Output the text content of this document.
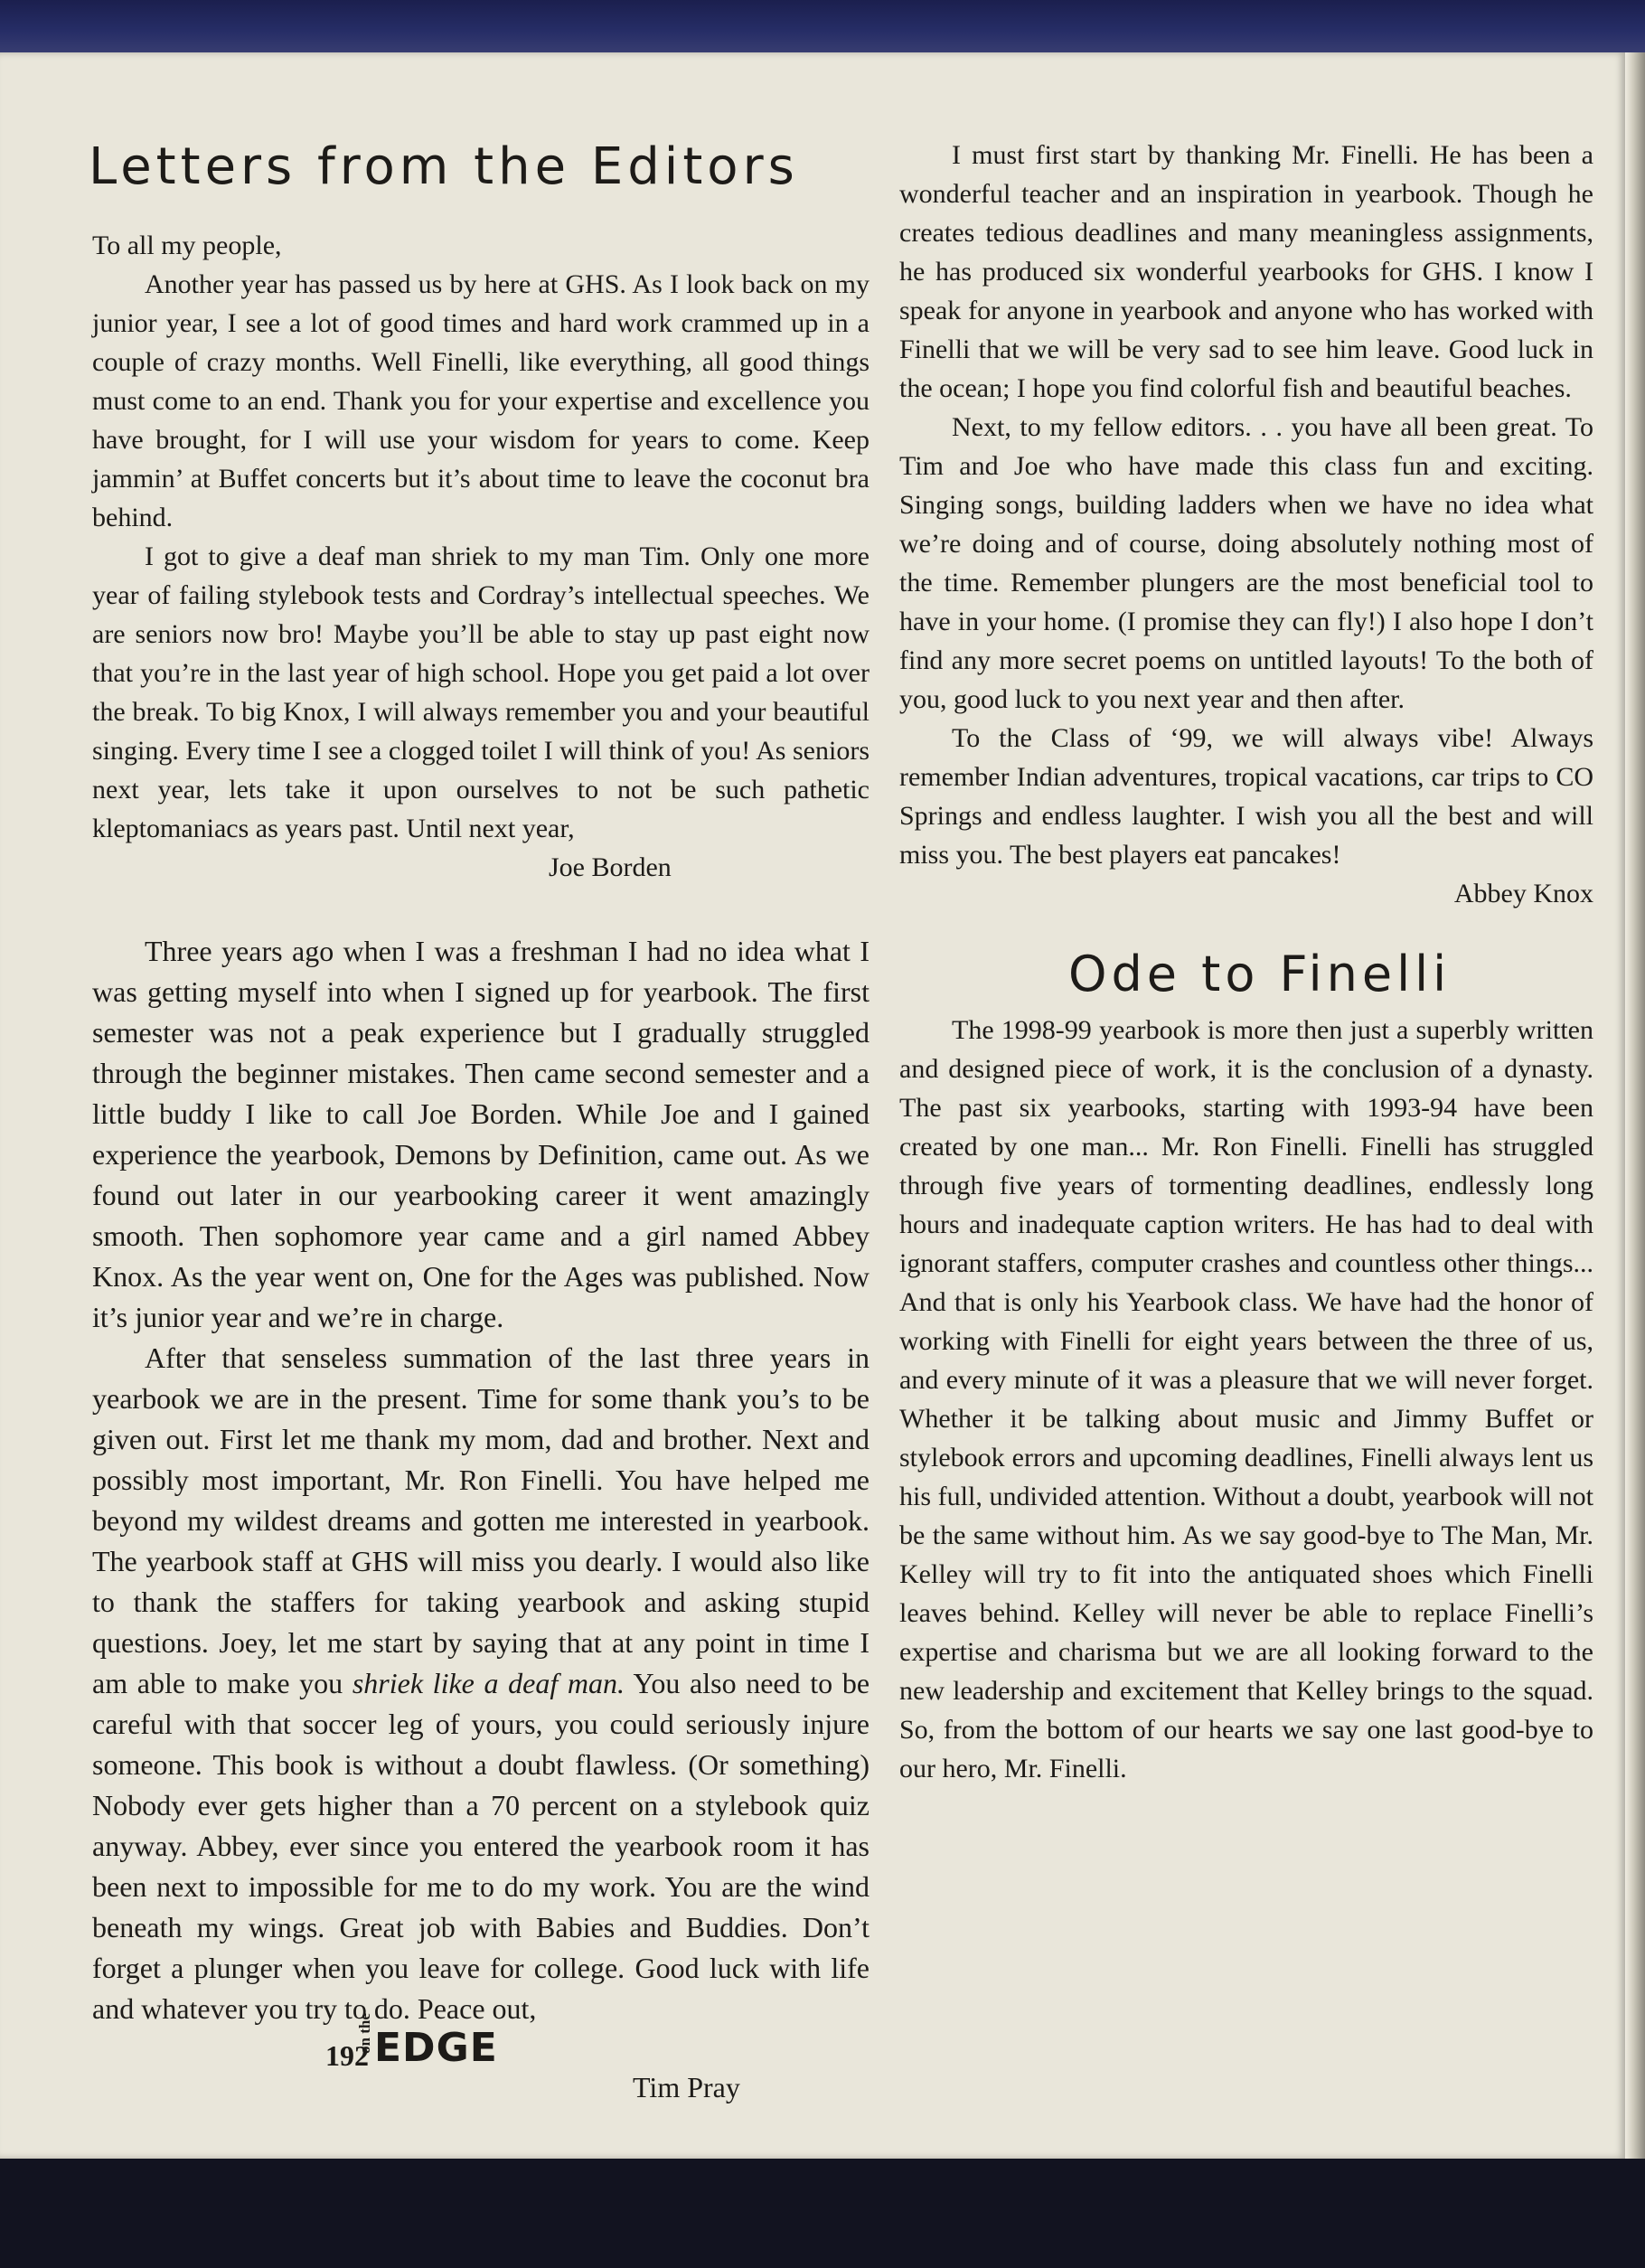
Letters from the Editors

To all my people,

Another year has passed us by here at GHS. As I look back on my junior year, I see a lot of good times and hard work crammed up in a couple of crazy months. Well Finelli, like everything, all good things must come to an end. Thank you for your expertise and excellence you have brought, for I will use your wisdom for years to come. Keep jammin’ at Buffet concerts but it’s about time to leave the coconut bra behind.

I got to give a deaf man shriek to my man Tim. Only one more year of failing stylebook tests and Cordray’s intellectual speeches. We are seniors now bro! Maybe you’ll be able to stay up past eight now that you’re in the last year of high school. Hope you get paid a lot over the break. To big Knox, I will always remember you and your beautiful singing. Every time I see a clogged toilet I will think of you! As seniors next year, lets take it upon ourselves to not be such pathetic kleptomaniacs as years past. Until next year,

Joe Borden

Three years ago when I was a freshman I had no idea what I was getting myself into when I signed up for yearbook. The first semester was not a peak experience but I gradually struggled through the beginner mistakes. Then came second semester and a little buddy I like to call Joe Borden. While Joe and I gained experience the yearbook, Demons by Definition, came out. As we found out later in our yearbooking career it went amazingly smooth. Then sophomore year came and a girl named Abbey Knox. As the year went on, One for the Ages was published. Now it’s junior year and we’re in charge.

After that senseless summation of the last three years in yearbook we are in the present. Time for some thank you’s to be given out. First let me thank my mom, dad and brother. Next and possibly most important, Mr. Ron Finelli. You have helped me beyond my wildest dreams and gotten me interested in yearbook. The yearbook staff at GHS will miss you dearly. I would also like to thank the staffers for taking yearbook and asking stupid questions. Joey, let me start by saying that at any point in time I am able to make you shriek like a deaf man. You also need to be careful with that soccer leg of yours, you could seriously injure someone. This book is without a doubt flawless. (Or something) Nobody ever gets higher than a 70 percent on a stylebook quiz anyway. Abbey, ever since you entered the yearbook room it has been next to impossible for me to do my work. You are the wind beneath my wings. Great job with Babies and Buddies. Don’t forget a plunger when you leave for college. Good luck with life and whatever you try to do. Peace out,

Tim Pray

I must first start by thanking Mr. Finelli. He has been a wonderful teacher and an inspiration in yearbook. Though he creates tedious deadlines and many meaningless assignments, he has produced six wonderful yearbooks for GHS. I know I speak for anyone in yearbook and anyone who has worked with Finelli that we will be very sad to see him leave. Good luck in the ocean; I hope you find colorful fish and beautiful beaches.

Next, to my fellow editors. . . you have all been great. To Tim and Joe who have made this class fun and exciting. Singing songs, building ladders when we have no idea what we’re doing and of course, doing absolutely nothing most of the time. Remember plungers are the most beneficial tool to have in your home. (I promise they can fly!) I also hope I don’t find any more secret poems on untitled layouts! To the both of you, good luck to you next year and then after.

To the Class of ‘99, we will always vibe! Always remember Indian adventures, tropical vacations, car trips to CO Springs and endless laughter. I wish you all the best and will miss you. The best players eat pancakes!

Abbey Knox

Ode to Finelli

The 1998-99 yearbook is more then just a superbly written and designed piece of work, it is the conclusion of a dynasty. The past six yearbooks, starting with 1993-94 have been created by one man... Mr. Ron Finelli. Finelli has struggled through five years of tormenting deadlines, endlessly long hours and inadequate caption writers. He has had to deal with ignorant staffers, computer crashes and countless other things... And that is only his Yearbook class. We have had the honor of working with Finelli for eight years between the three of us, and every minute of it was a pleasure that we will never forget. Whether it be talking about music and Jimmy Buffet or stylebook errors and upcoming deadlines, Finelli always lent us his full, undivided attention. Without a doubt, yearbook will not be the same without him. As we say good-bye to The Man, Mr. Kelley will try to fit into the antiquated shoes which Finelli leaves behind. Kelley will never be able to replace Finelli’s expertise and charisma but we are all looking forward to the new leadership and excitement that Kelley brings to the squad. So, from the bottom of our hearts we say one last good-bye to our hero, Mr. Finelli.

192
on the EDGE
